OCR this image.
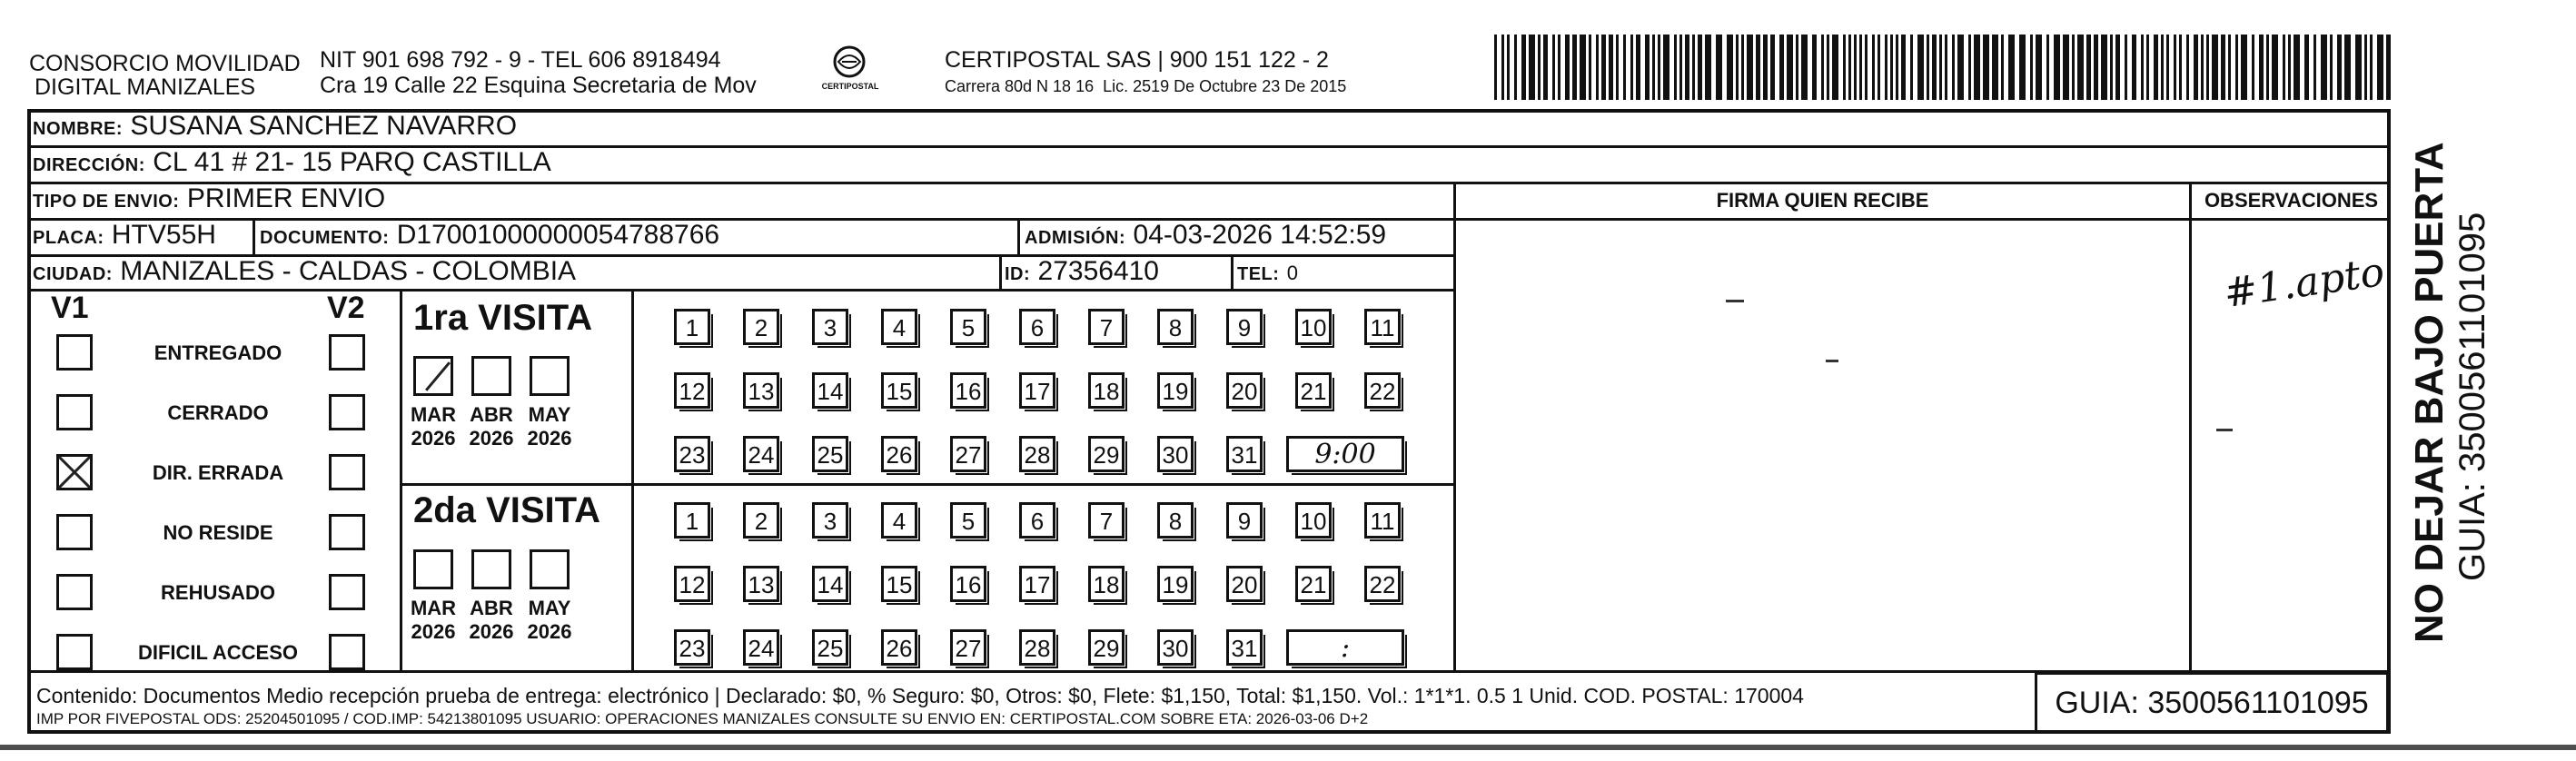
CONSORCIO MOVILIDAD
DIGITAL MANIZALES
NIT 901 698 792 - 9 - TEL 606 8918494
Cra 19 Calle 22 Esquina Secretaria de Mov	CERTIPOSTAL
CERTIPOSTAL SAS | 900 151 122 - 2
Carrera 80d N 18 16  Lic. 2519 De Octubre 23 De 2015
NOMBRE: SUSANA SANCHEZ NAVARRO
DIRECCIÓN: CL 41 # 21- 15 PARQ CASTILLA
TIPO DE ENVIO: PRIMER ENVIO	FIRMA QUIEN RECIBE	OBSERVACIONES
PLACA: HTV55H DOCUMENTO: D17001000000054788766	ADMISIÓN: 04-03-2026 14:52:59
CIUDAD: MANIZALES - CALDAS - COLOMBIA	ID: 27356410	TEL: 0
V1	V2
ENTREGADO
CERRADO
DIR. ERRADA
NO RESIDE
REHUSADO
DIFICIL ACCESO
1ra VISITA
MAR
2026
ABR
2026
MAY
2026
1	2	3	4	5	6	7	8	9	10 11
12 13 14 15 16 17 18 19 20 21 22
23 24 25 26 27 28 29 30 31	9:00
2da VISITA
MAR
2026
ABR
2026
MAY
2026
1	2	3	4	5	6	7	8	9	10 11
12 13 14 15 16 17 18 19 20 21 22
23 24 25 26 27 28 29 30 31	:
#1.apto
Contenido: Documentos Medio recepción prueba de entrega: electrónico | Declarado: $0, % Seguro: $0, Otros: $0, Flete: $1,150, Total: $1,150. Vol.: 1*1*1. 0.5 1 Unid. COD. POSTAL: 170004
IMP POR FIVEPOSTAL ODS: 25204501095 / COD.IMP: 54213801095 USUARIO: OPERACIONES MANIZALES CONSULTE SU ENVIO EN: CERTIPOSTAL.COM SOBRE ETA: 2026-03-06 D+2	GUIA: 3500561101095
NO DEJAR BAJO PUERTA GUIA: 3500561101095
